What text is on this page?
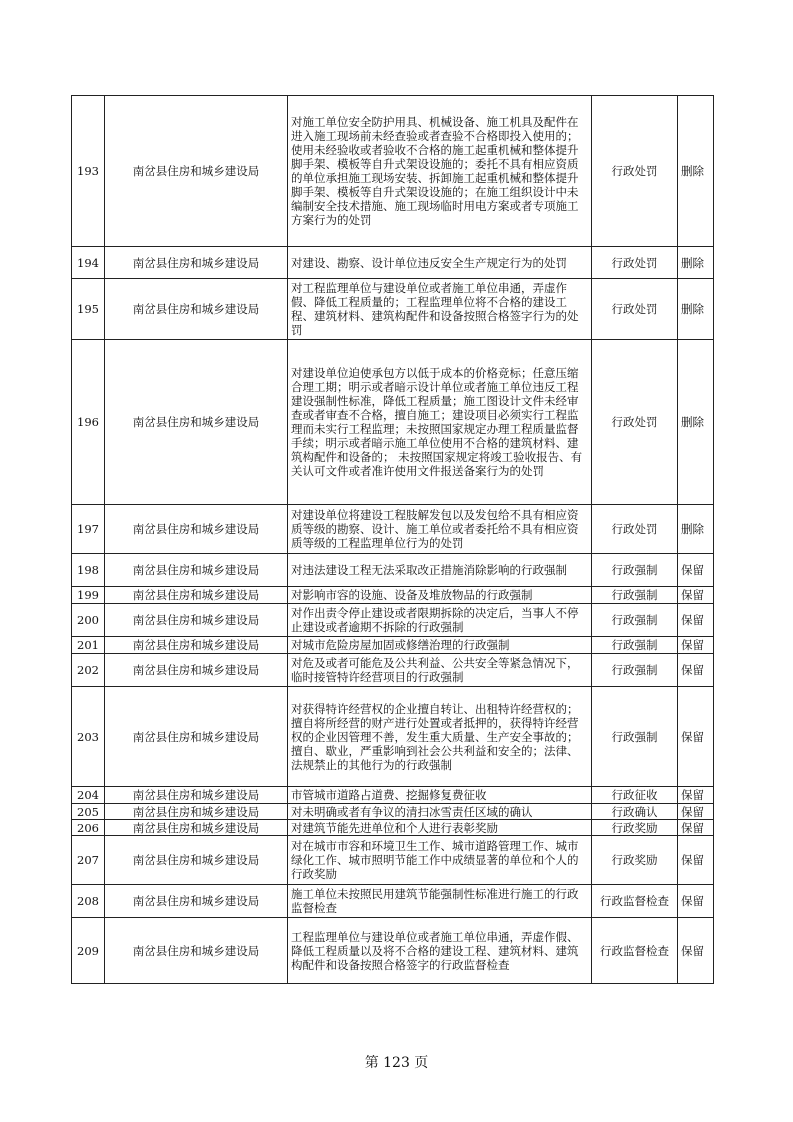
193	南岔县住房和城乡建设局	对施工单位安全防护用具、机械设备、施工机具及配件在进入施工现场前未经查验或者查验不合格即投入使用的；使用未经验收或者验收不合格的施工起重机械和整体提升脚手架、模板等自升式架设设施的；委托不具有相应资质的单位承担施工现场安装、拆卸施工起重机械和整体提升脚手架、模板等自升式架设设施的；在施工组织设计中未编制安全技术措施、施工现场临时用电方案或者专项施工方案行为的处罚	行政处罚	删除
194	南岔县住房和城乡建设局	对建设、勘察、设计单位违反安全生产规定行为的处罚	行政处罚	删除
195	南岔县住房和城乡建设局	对工程监理单位与建设单位或者施工单位串通，弄虚作假、降低工程质量的；工程监理单位将不合格的建设工程、建筑材料、建筑构配件和设备按照合格签字行为的处罚	行政处罚	删除
196	南岔县住房和城乡建设局	对建设单位迫使承包方以低于成本的价格竞标；任意压缩合理工期；明示或者暗示设计单位或者施工单位违反工程建设强制性标准，降低工程质量；施工图设计文件未经审查或者审查不合格，擅自施工；建设项目必须实行工程监理而未实行工程监理；未按照国家规定办理工程质量监督手续；明示或者暗示施工单位使用不合格的建筑材料、建筑构配件和设备的； 未按照国家规定将竣工验收报告、有关认可文件或者准许使用文件报送备案行为的处罚	行政处罚	删除
197	南岔县住房和城乡建设局	对建设单位将建设工程肢解发包以及发包给不具有相应资质等级的勘察、设计、施工单位或者委托给不具有相应资质等级的工程监理单位行为的处罚	行政处罚	删除
198	南岔县住房和城乡建设局	对违法建设工程无法采取改正措施消除影响的行政强制	行政强制	保留
199	南岔县住房和城乡建设局	对影响市容的设施、设备及堆放物品的行政强制	行政强制	保留
200	南岔县住房和城乡建设局	对作出责令停止建设或者限期拆除的决定后，当事人不停止建设或者逾期不拆除的行政强制	行政强制	保留
201	南岔县住房和城乡建设局	对城市危险房屋加固或修缮治理的行政强制	行政强制	保留
202	南岔县住房和城乡建设局	对危及或者可能危及公共利益、公共安全等紧急情况下，临时接管特许经营项目的行政强制	行政强制	保留
203	南岔县住房和城乡建设局	对获得特许经营权的企业擅自转让、出租特许经营权的；擅自将所经营的财产进行处置或者抵押的，获得特许经营权的企业因管理不善，发生重大质量、生产安全事故的；擅自、歇业，严重影响到社会公共利益和安全的；法律、法规禁止的其他行为的行政强制	行政强制	保留
204	南岔县住房和城乡建设局	市管城市道路占道费、挖掘修复费征收	行政征收	保留
205	南岔县住房和城乡建设局	对未明确或者有争议的清扫冰雪责任区域的确认	行政确认	保留
206	南岔县住房和城乡建设局	对建筑节能先进单位和个人进行表彰奖励	行政奖励	保留
207	南岔县住房和城乡建设局	对在城市市容和环境卫生工作、城市道路管理工作、城市绿化工作、城市照明节能工作中成绩显著的单位和个人的行政奖励	行政奖励	保留
208	南岔县住房和城乡建设局	施工单位未按照民用建筑节能强制性标准进行施工的行政监督检查	行政监督检查	保留
209	南岔县住房和城乡建设局	工程监理单位与建设单位或者施工单位串通，弄虚作假、降低工程质量以及将不合格的建设工程、建筑材料、建筑构配件和设备按照合格签字的行政监督检查	行政监督检查	保留
第 123 页
